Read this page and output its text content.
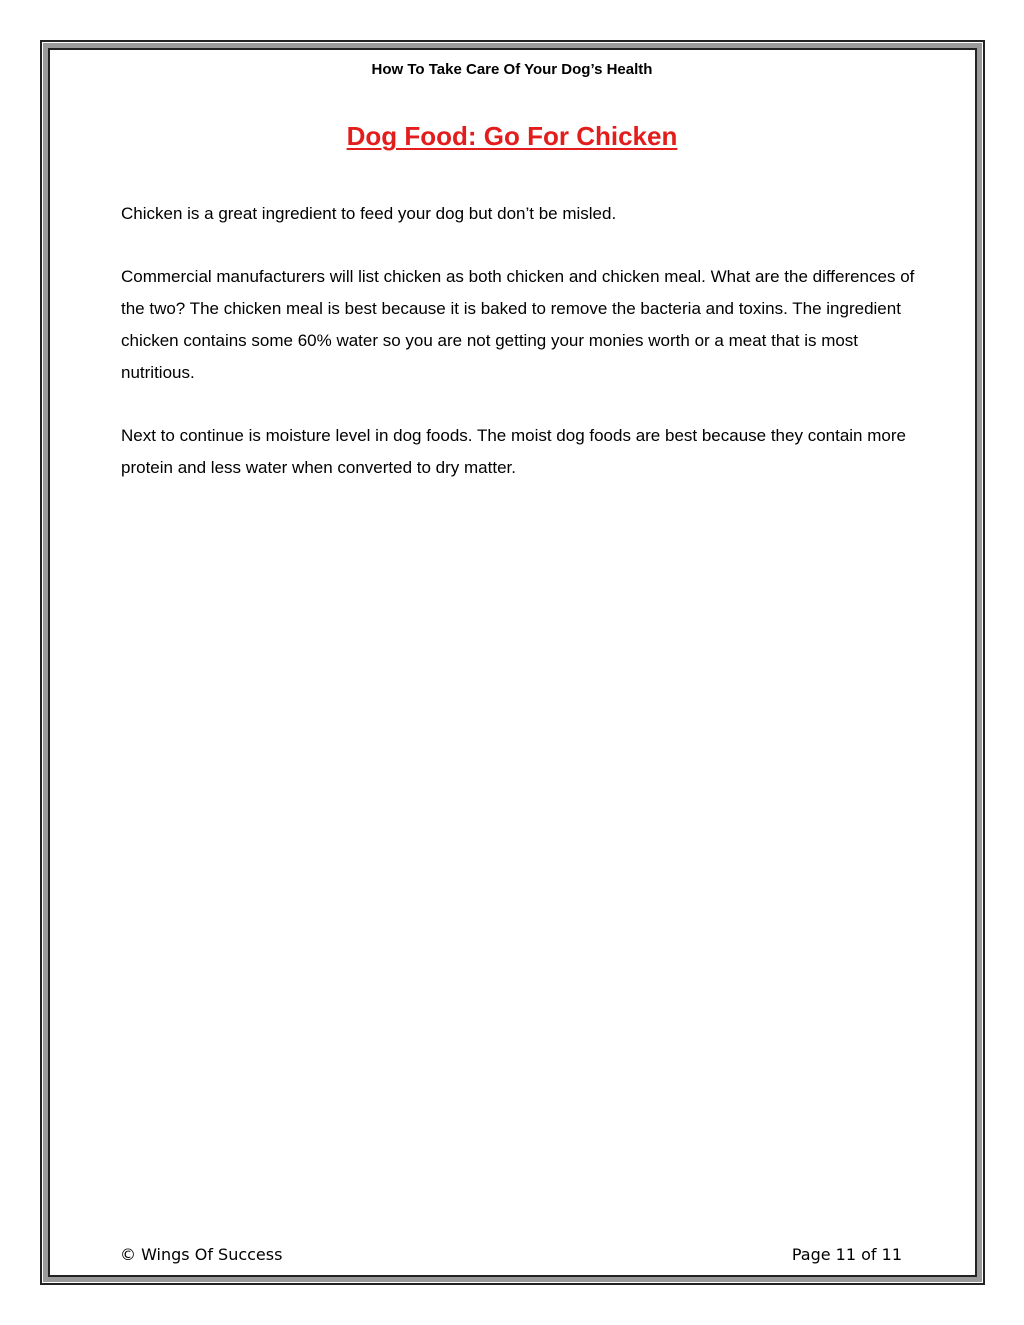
How To Take Care Of Your Dog’s Health
Dog Food: Go For Chicken

Chicken is a great ingredient to feed your dog but don’t be misled.

Commercial manufacturers will list chicken as both chicken and chicken meal. What are the differences of the two? The chicken meal is best because it is baked to remove the bacteria and toxins. The ingredient chicken contains some 60% water so you are not getting your monies worth or a meat that is most nutritious.

Next to continue is moisture level in dog foods. The moist dog foods are best because they contain more protein and less water when converted to dry matter.

© Wings Of Success	Page 11 of 11
